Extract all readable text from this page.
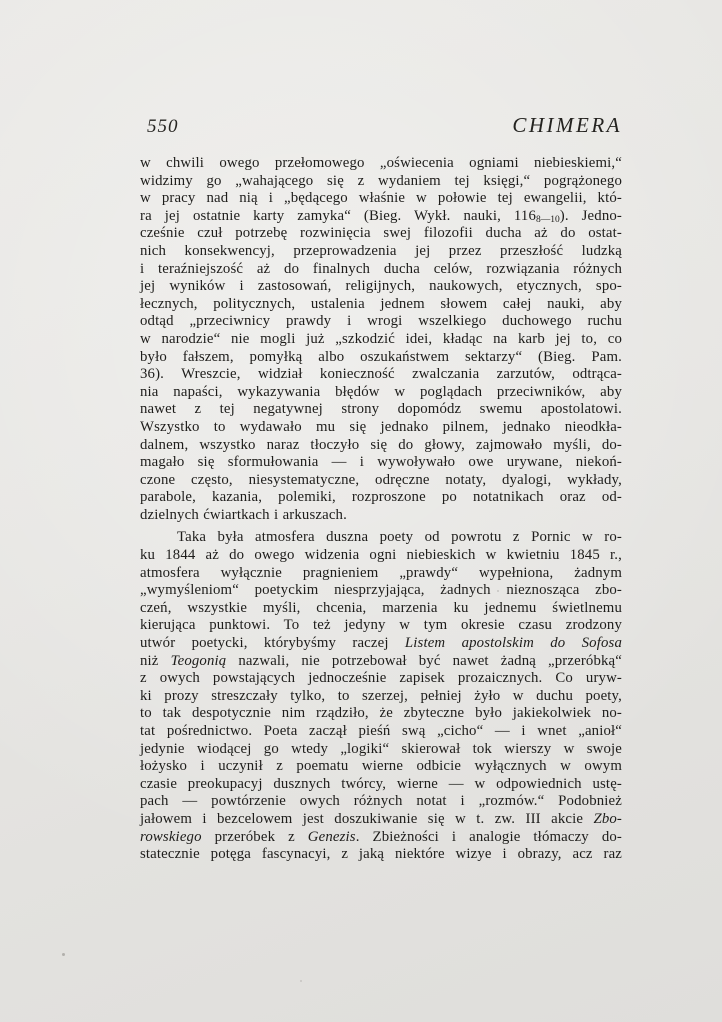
550	CHIMERA
w chwili owego przełomowego „oświecenia ogniami niebieskiemi,“
widzimy go „wahającego się z wydaniem tej księgi,“ pogrążonego
w pracy nad nią i „będącego właśnie w połowie tej ewangelii, któ-
ra jej ostatnie karty zamyka“ (Bieg. Wykł. nauki, $116_{8—10}$). Jedno-
cześnie czuł potrzebę rozwinięcia swej filozofii ducha aż do ostat-
nich konsekwencyj, przeprowadzenia jej przez przeszłość ludzką
i teraźniejszość aż do finalnych ducha celów, rozwiązania różnych
jej wyników i zastosowań, religijnych, naukowych, etycznych, spo-
łecznych, politycznych, ustalenia jednem słowem całej nauki, aby
odtąd „przeciwnicy prawdy i wrogi wszelkiego duchowego ruchu
w narodzie“ nie mogli już „szkodzić idei, kładąc na karb jej to, co
było fałszem, pomyłką albo oszukaństwem sektarzy“ (Bieg. Pam.
36). Wreszcie, widział konieczność zwalczania zarzutów, odtrąca-
nia napaści, wykazywania błędów w poglądach przeciwników, aby
nawet z tej negatywnej strony dopomódz swemu apostolatowi.
Wszystko to wydawało mu się jednako pilnem, jednako nieodkła-
dalnem, wszystko naraz tłoczyło się do głowy, zajmowało myśli, do-
magało się sformułowania — i wywoływało owe urywane, niekoń-
czone często, niesystematyczne, odręczne notaty, dyalogi, wykłady,
parabole, kazania, polemiki, rozproszone po notatnikach oraz od-
dzielnych ćwiartkach i arkuszach.
Taka była atmosfera duszna poety od powrotu z Pornic w ro-
ku 1844 aż do owego widzenia ogni niebieskich w kwietniu 1845 r.,
atmosfera wyłącznie pragnieniem „prawdy“ wypełniona, żadnym
„wymyśleniom“ poetyckim niesprzyjająca, żadnych nieznosząca zbo-
czeń, wszystkie myśli, chcenia, marzenia ku jednemu świetlnemu
kierująca punktowi. To też jedyny w tym okresie czasu zrodzony
utwór poetycki, którybyśmy raczej Listem apostolskim do Sofosa
niż Teogonią nazwali, nie potrzebował być nawet żadną „przeróbką“
z owych powstających jednocześnie zapisek prozaicznych. Co uryw-
ki prozy streszczały tylko, to szerzej, pełniej żyło w duchu poety,
to tak despotycznie nim rządziło, że zbyteczne było jakiekolwiek no-
tat pośrednictwo. Poeta zaczął pieśń swą „cicho“ — i wnet „anioł“
jedynie wiodącej go wtedy „logiki“ skierował tok wierszy w swoje
łożysko i uczynił z poematu wierne odbicie wyłącznych w owym
czasie preokupacyj dusznych twórcy, wierne — w odpowiednich ustę-
pach — powtórzenie owych różnych notat i „rozmów.“ Podobnież
jałowem i bezcelowem jest doszukiwanie się w t. zw. III akcie Zbo-
rowskiego przeróbek z Genezis. Zbieżności i analogie tłómaczy do-
statecznie potęga fascynacyi, z jaką niektóre wizye i obrazy, acz raz
